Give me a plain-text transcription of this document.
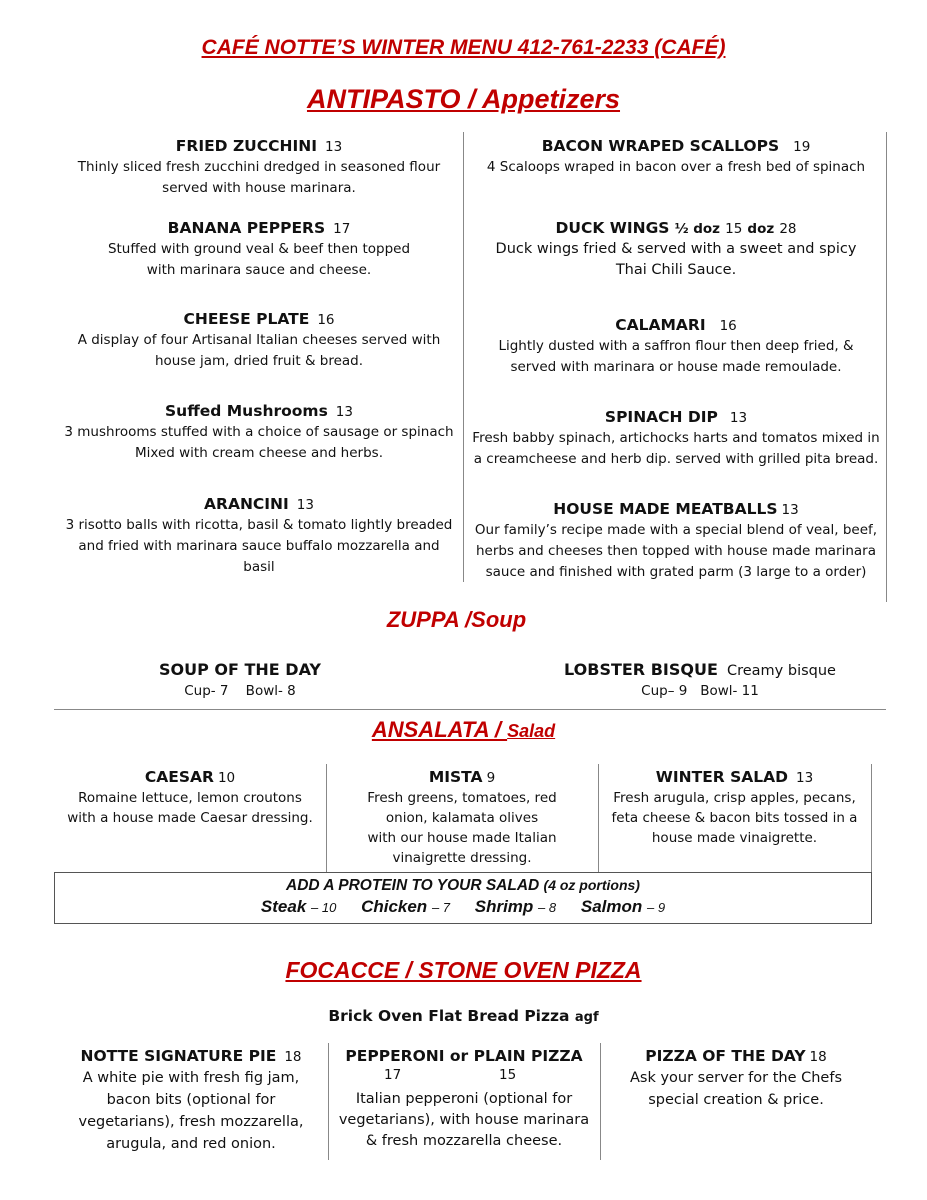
CAFÉ NOTTE’S WINTER MENU 412-761-2233 (CAFÉ)
ANTIPASTO / Appetizers
FRIED ZUCCHINI 13
Thinly sliced fresh zucchini dredged in seasoned flour
served with house marinara.
BANANA PEPPERS 17
Stuffed with ground veal & beef then topped
with marinara sauce and cheese.
CHEESE PLATE 16
A display of four Artisanal Italian cheeses served with
house jam, dried fruit & bread.
Suffed Mushrooms 13
3 mushrooms stuffed with a choice of sausage or spinach
Mixed with cream cheese and herbs.
ARANCINI 13
3 risotto balls with ricotta, basil & tomato lightly breaded
and fried with marinara sauce buffalo mozzarella and
basil
BACON WRAPED SCALLOPS 19
4 Scaloops wraped in bacon over a fresh bed of spinach
DUCK WINGS ½ doz 15 doz 28
Duck wings fried & served with a sweet and spicy
Thai Chili Sauce.
CALAMARI 16
Lightly dusted with a saffron flour then deep fried, &
served with marinara or house made remoulade.
SPINACH DIP 13
Fresh babby spinach, artichocks harts and tomatos mixed in
a creamcheese and herb dip. served with grilled pita bread.
HOUSE MADE MEATBALLS 13
Our family’s recipe made with a special blend of veal, beef,
herbs and cheeses then topped with house made marinara
sauce and finished with grated parm (3 large to a order)
ZUPPA /Soup
SOUP OF THE DAY
Cup- 7    Bowl- 8
LOBSTER BISQUE Creamy bisque
Cup– 9   Bowl- 11
ANSALATA / Salad
CAESAR 10
Romaine lettuce, lemon croutons
with a house made Caesar dressing.
MISTA 9
Fresh greens, tomatoes, red
onion, kalamata olives
with our house made Italian
vinaigrette dressing.
WINTER SALAD 13
Fresh arugula, crisp apples, pecans,
feta cheese & bacon bits tossed in a
house made vinaigrette.
ADD A PROTEIN TO YOUR SALAD (4 oz portions)
Steak – 10 Chicken – 7 Shrimp – 8 Salmon – 9
FOCACCE / STONE OVEN PIZZA
Brick Oven Flat Bread Pizza agf
NOTTE SIGNATURE PIE 18
A white pie with fresh fig jam,
bacon bits (optional for
vegetarians), fresh mozzarella,
arugula, and red onion.
PEPPERONI or PLAIN PIZZA
17	15
Italian pepperoni (optional for
vegetarians), with house marinara
& fresh mozzarella cheese.
PIZZA OF THE DAY 18
Ask your server for the Chefs
special creation & price.
